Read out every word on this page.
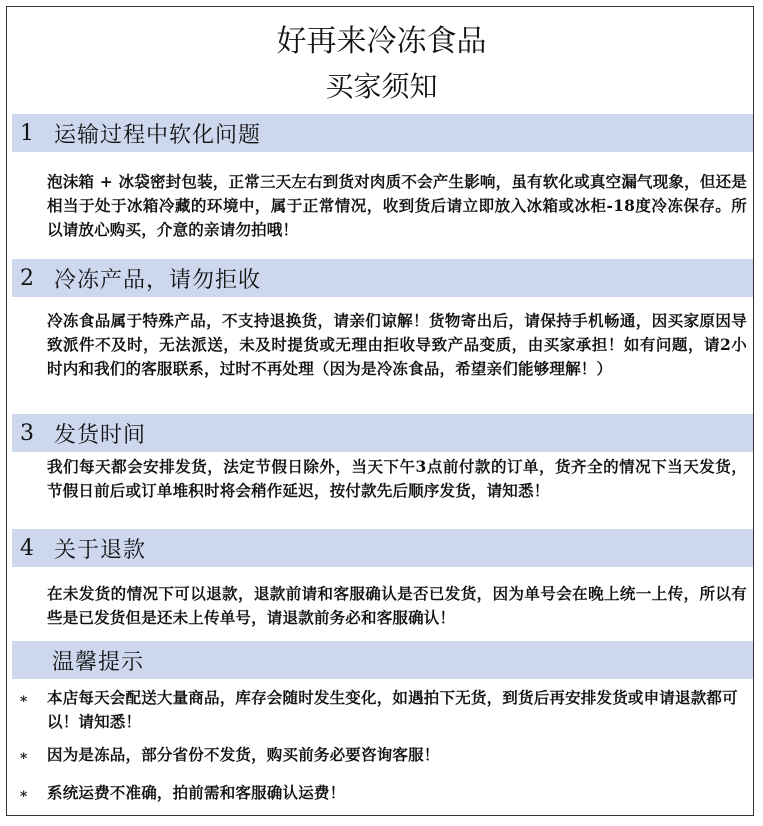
好再来冷冻食品
买家须知
1 运输过程中软化问题
泡沫箱 + 冰袋密封包装，正常三天左右到货对肉质不会产生影响，虽有软化或真空漏气现象，但还是相当于处于冰箱冷藏的环境中，属于正常情况，收到货后请立即放入冰箱或冰柜-18度冷冻保存。所以请放心购买，介意的亲请勿拍哦！
2 冷冻产品，请勿拒收
冷冻食品属于特殊产品，不支持退换货，请亲们谅解！货物寄出后，请保持手机畅通，因买家原因导致派件不及时，无法派送，未及时提货或无理由拒收导致产品变质，由买家承担！如有问题，请2小时内和我们的客服联系，过时不再处理（因为是冷冻食品，希望亲们能够理解！）
3 发货时间
我们每天都会安排发货，法定节假日除外，当天下午3点前付款的订单，货齐全的情况下当天发货，节假日前后或订单堆积时将会稍作延迟，按付款先后顺序发货，请知悉！
4 关于退款
在未发货的情况下可以退款，退款前请和客服确认是否已发货，因为单号会在晚上统一上传，所以有些是已发货但是还未上传单号，请退款前务必和客服确认！
温馨提示
*	本店每天会配送大量商品，库存会随时发生变化，如遇拍下无货，到货后再安排发货或申请退款都可以！请知悉！
*	因为是冻品，部分省份不发货，购买前务必要咨询客服！
*	系统运费不准确，拍前需和客服确认运费！
